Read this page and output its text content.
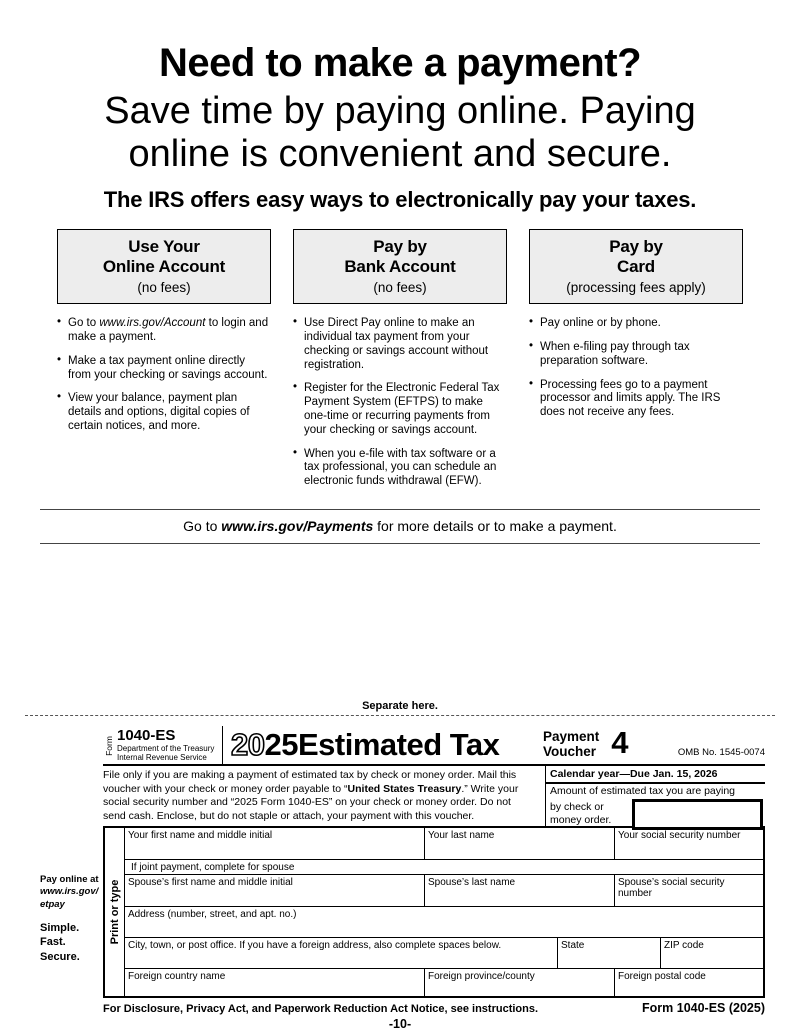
Need to make a payment?
Save time by paying online. Paying online is convenient and secure.
The IRS offers easy ways to electronically pay your taxes.
Use Your
Online Account
(no fees)
• Go to www.irs.gov/Account to login and make a payment.
• Make a tax payment online directly from your checking or savings account.
• View your balance, payment plan details and options, digital copies of certain notices, and more.
Pay by
Bank Account
(no fees)
• Use Direct Pay online to make an individual tax payment from your checking or savings account without registration.
• Register for the Electronic Federal Tax Payment System (EFTPS) to make one-time or recurring payments from your checking or savings account.
• When you e-file with tax software or a tax professional, you can schedule an electronic funds withdrawal (EFW).
Pay by
Card
(processing fees apply)
• Pay online or by phone.
• When e-filing pay through tax preparation software.
• Processing fees go to a payment processor and limits apply. The IRS does not receive any fees.
Go to www.irs.gov/Payments for more details or to make a payment.
Separate here.
Pay online at
www.irs.gov/
etpay
Simple.
Fast.
Secure.
Form
1040-ES
Department of the Treasury
Internal Revenue Service 20 25 Estimated Tax	Payment
Voucher 4	OMB No. 1545-0074
File only if you are making a payment of estimated tax by check or money order. Mail this voucher with your check or money order payable to “United States Treasury.” Write your social security number and “2025 Form 1040-ES” on your check or money order. Do not send cash. Enclose, but do not staple or attach, your payment with this voucher.
Calendar year—Due Jan. 15, 2026
Amount of estimated tax you are paying
by check or money order.
Print or type
Your first name and middle initial	Your last name	Your social security number
If joint payment, complete for spouse
Spouse’s first name and middle initial	Spouse’s last name	Spouse’s social security number
Address (number, street, and apt. no.)
City, town, or post office. If you have a foreign address, also complete spaces below.	State	ZIP code
Foreign country name	Foreign province/county	Foreign postal code
For Disclosure, Privacy Act, and Paperwork Reduction Act Notice, see instructions.	Form 1040-ES (2025)
-10-
